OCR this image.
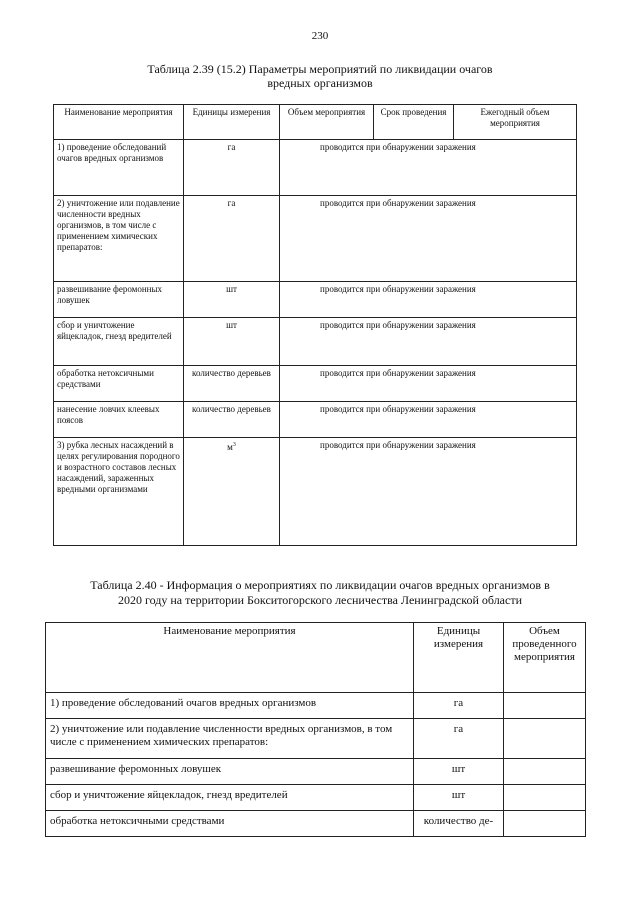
230
Таблица 2.39 (15.2) Параметры мероприятий по ликвидации очагов
вредных организмов
Наименование мероприятия	Единицы измерения	Объем мероприятия	Срок проведения	Ежегодный объем мероприятия
1) проведение обследований очагов вредных организмов	га	проводится при обнаружении заражения		
2) уничтожение или подавление численности вредных организмов, в том числе с применением химических препаратов:	га	проводится при обнаружении заражения		
развешивание феромонных ловушек	шт	проводится при обнаружении заражения		
сбор и уничтожение яйцекладок, гнезд вредителей	шт	проводится при обнаружении заражения		
обработка нетоксичными средствами	количество деревьев	проводится при обнаружении заражения		
нанесение ловчих клеевых поясов	количество деревьев	проводится при обнаружении заражения		
3) рубка лесных насаждений в целях регулирования породного и возрастного составов лесных насаждений, зараженных вредными организмами	$м^3$	проводится при обнаружении заражения		
Таблица 2.40 - Информация о мероприятиях по ликвидации очагов вредных организмов в
2020 году на территории Бокситогорского лесничества Ленинградской области
Наименование мероприятия	Единицы измерения	Объем проведенного мероприятия
1) проведение обследований очагов вредных организмов	га	
2) уничтожение или подавление численности вредных организмов, в том числе с применением химических препаратов:	га	
развешивание феромонных ловушек	шт	
сбор и уничтожение яйцекладок, гнезд вредителей	шт	
обработка нетоксичными средствами	количество де-	
